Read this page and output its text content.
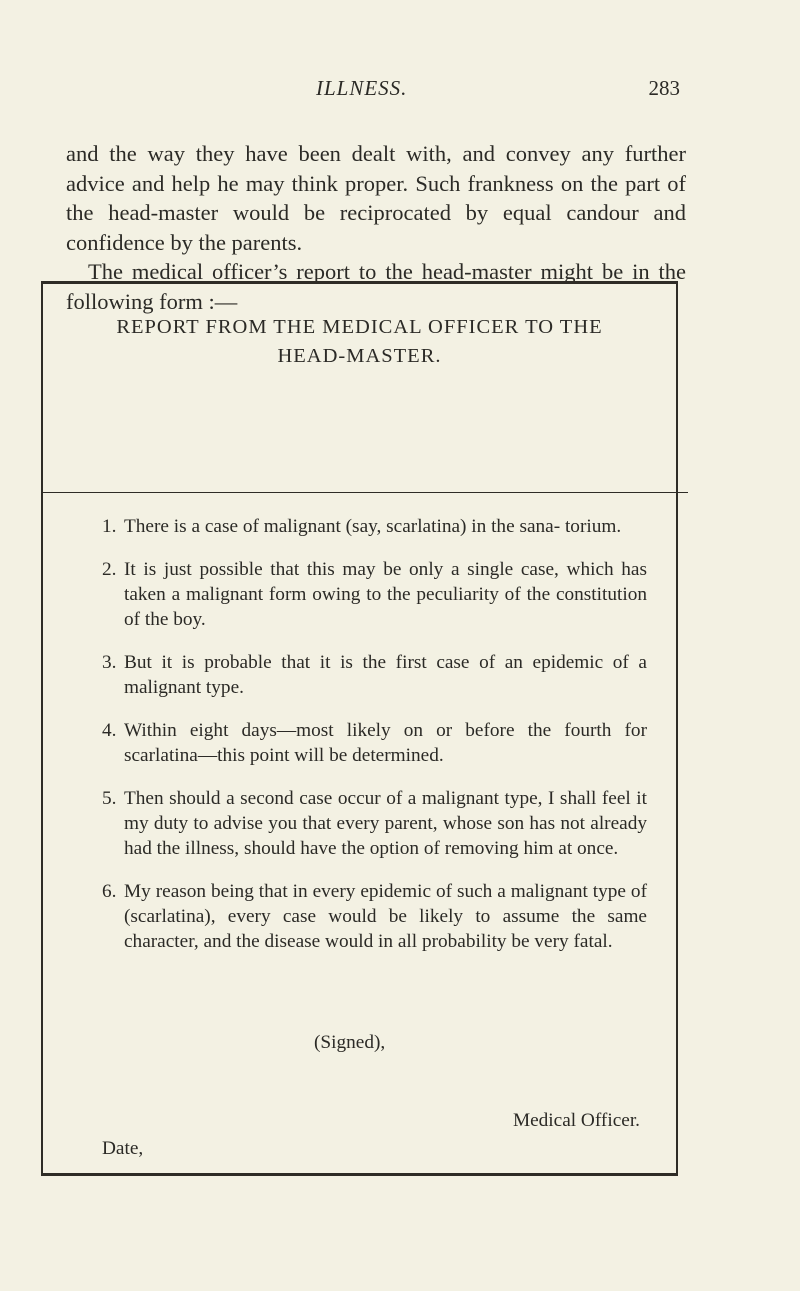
ILLNESS.	283

and the way they have been dealt with, and convey any further advice and help he may think proper. Such frankness on the part of the head-master would be reciprocated by equal candour and confidence by the parents.

The medical officer’s report to the head-master might be in the following form :—

REPORT FROM THE MEDICAL OFFICER TO THE
HEAD-MASTER.
1. There is a case of malignant (say, scarlatina) in the sana- torium.
2. It is just possible that this may be only a single case, which has taken a malignant form owing to the peculiarity of the constitution of the boy.
3. But it is probable that it is the first case of an epidemic of a malignant type.
4. Within eight days—most likely on or before the fourth for scarlatina—this point will be determined.
5. Then should a second case occur of a malignant type, I shall feel it my duty to advise you that every parent, whose son has not already had the illness, should have the option of removing him at once.
6. My reason being that in every epidemic of such a malignant type of (scarlatina), every case would be likely to assume the same character, and the disease would in all probability be very fatal.
(Signed),
Medical Officer.
Date,
